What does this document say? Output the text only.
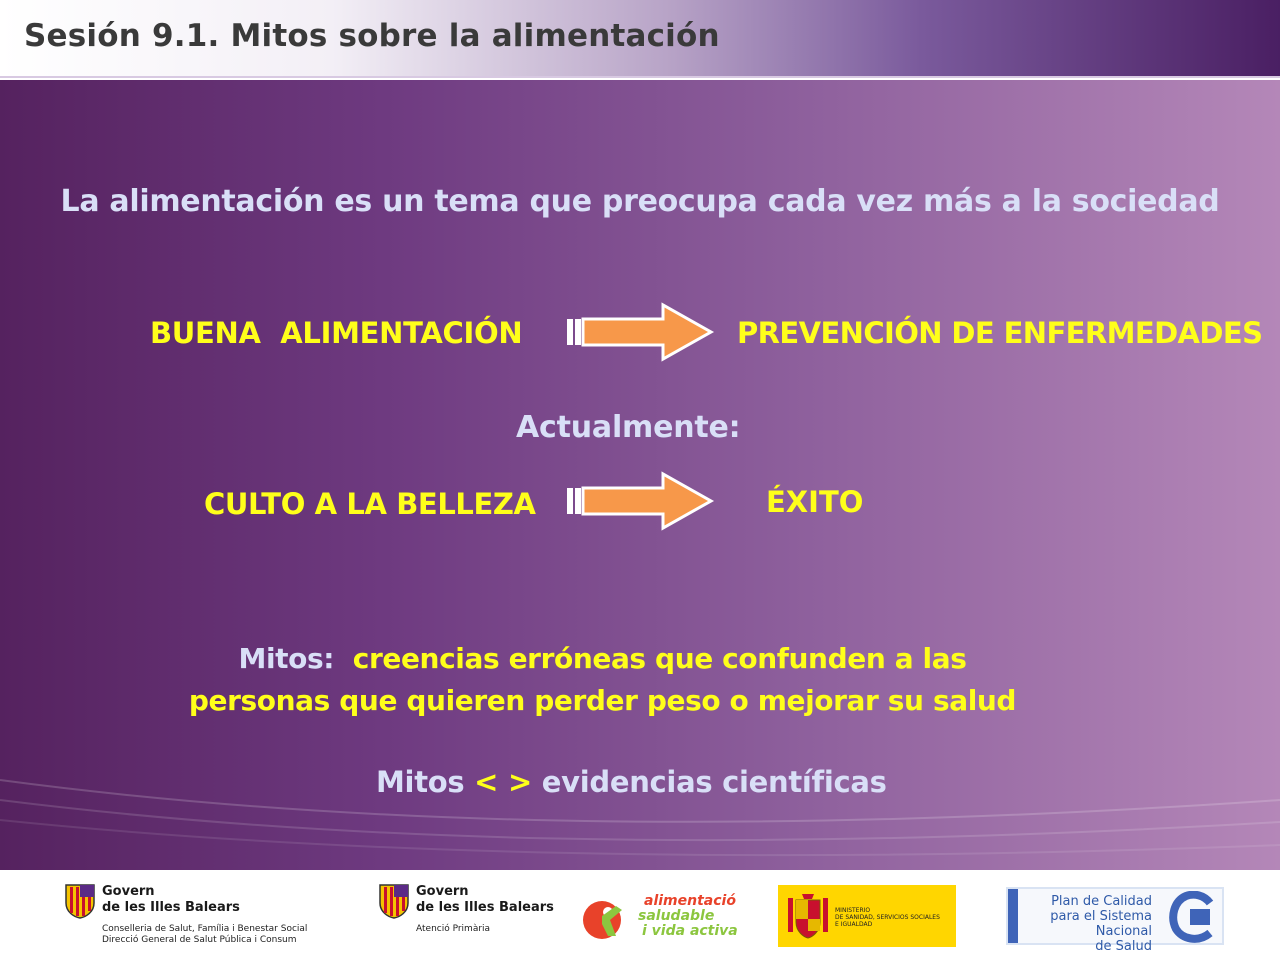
Sesión 9.1. Mitos sobre la alimentación
La alimentación es un tema que preocupa cada vez más a la sociedad
BUENA  ALIMENTACIÓN	PREVENCIÓN DE ENFERMEDADES
Actualmente:
CULTO A LA BELLEZA	ÉXITO
Mitos: creencias erróneas que confunden a las
personas que quieren perder peso o mejorar su salud
Mitos < > evidencias científicas
Govern
de les Illes Balears
Conselleria de Salut, Família i Benestar Social
Direcció General de Salut Pública i Consum
Govern
de les Illes Balears
Atenció Primària
alimentació
saludable
i vida activa
MINISTERIO
DE SANIDAD, SERVICIOS SOCIALES
E IGUALDAD
Plan de Calidad
para el Sistema Nacional
de Salud
